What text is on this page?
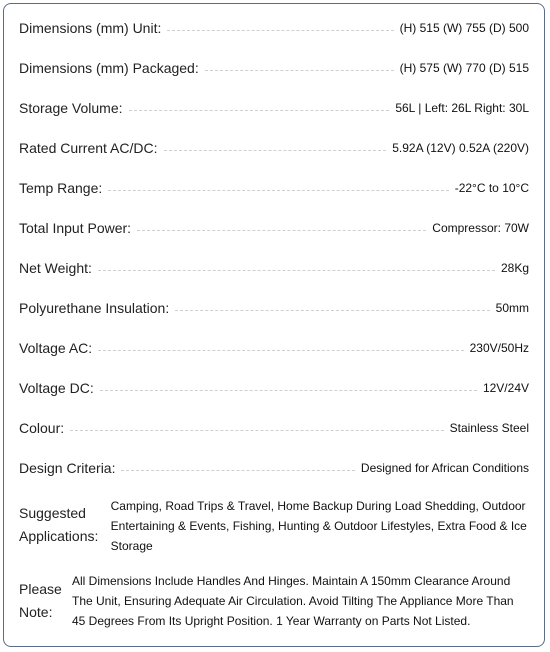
Dimensions (mm) Unit:	(H) 515 (W) 755 (D) 500
Dimensions (mm) Packaged:	(H) 575 (W) 770 (D) 515
Storage Volume:	56L | Left: 26L Right: 30L
Rated Current AC/DC:	5.92A (12V) 0.52A (220V)
Temp Range:	-22°C to 10°C
Total Input Power:	Compressor: 70W
Net Weight:	28Kg
Polyurethane Insulation:	50mm
Voltage AC:	230V/50Hz
Voltage DC:	12V/24V
Colour:	Stainless Steel
Design Criteria:	Designed for African Conditions
Suggested
Applications:
Camping, Road Trips & Travel, Home Backup During Load Shedding, Outdoor Entertaining & Events, Fishing, Hunting & Outdoor Lifestyles, Extra Food & Ice Storage
Please
Note:
All Dimensions Include Handles And Hinges. Maintain A 150mm Clearance Around The Unit, Ensuring Adequate Air Circulation. Avoid Tilting The Appliance More Than 45 Degrees From Its Upright Position. 1 Year Warranty on Parts Not Listed.
